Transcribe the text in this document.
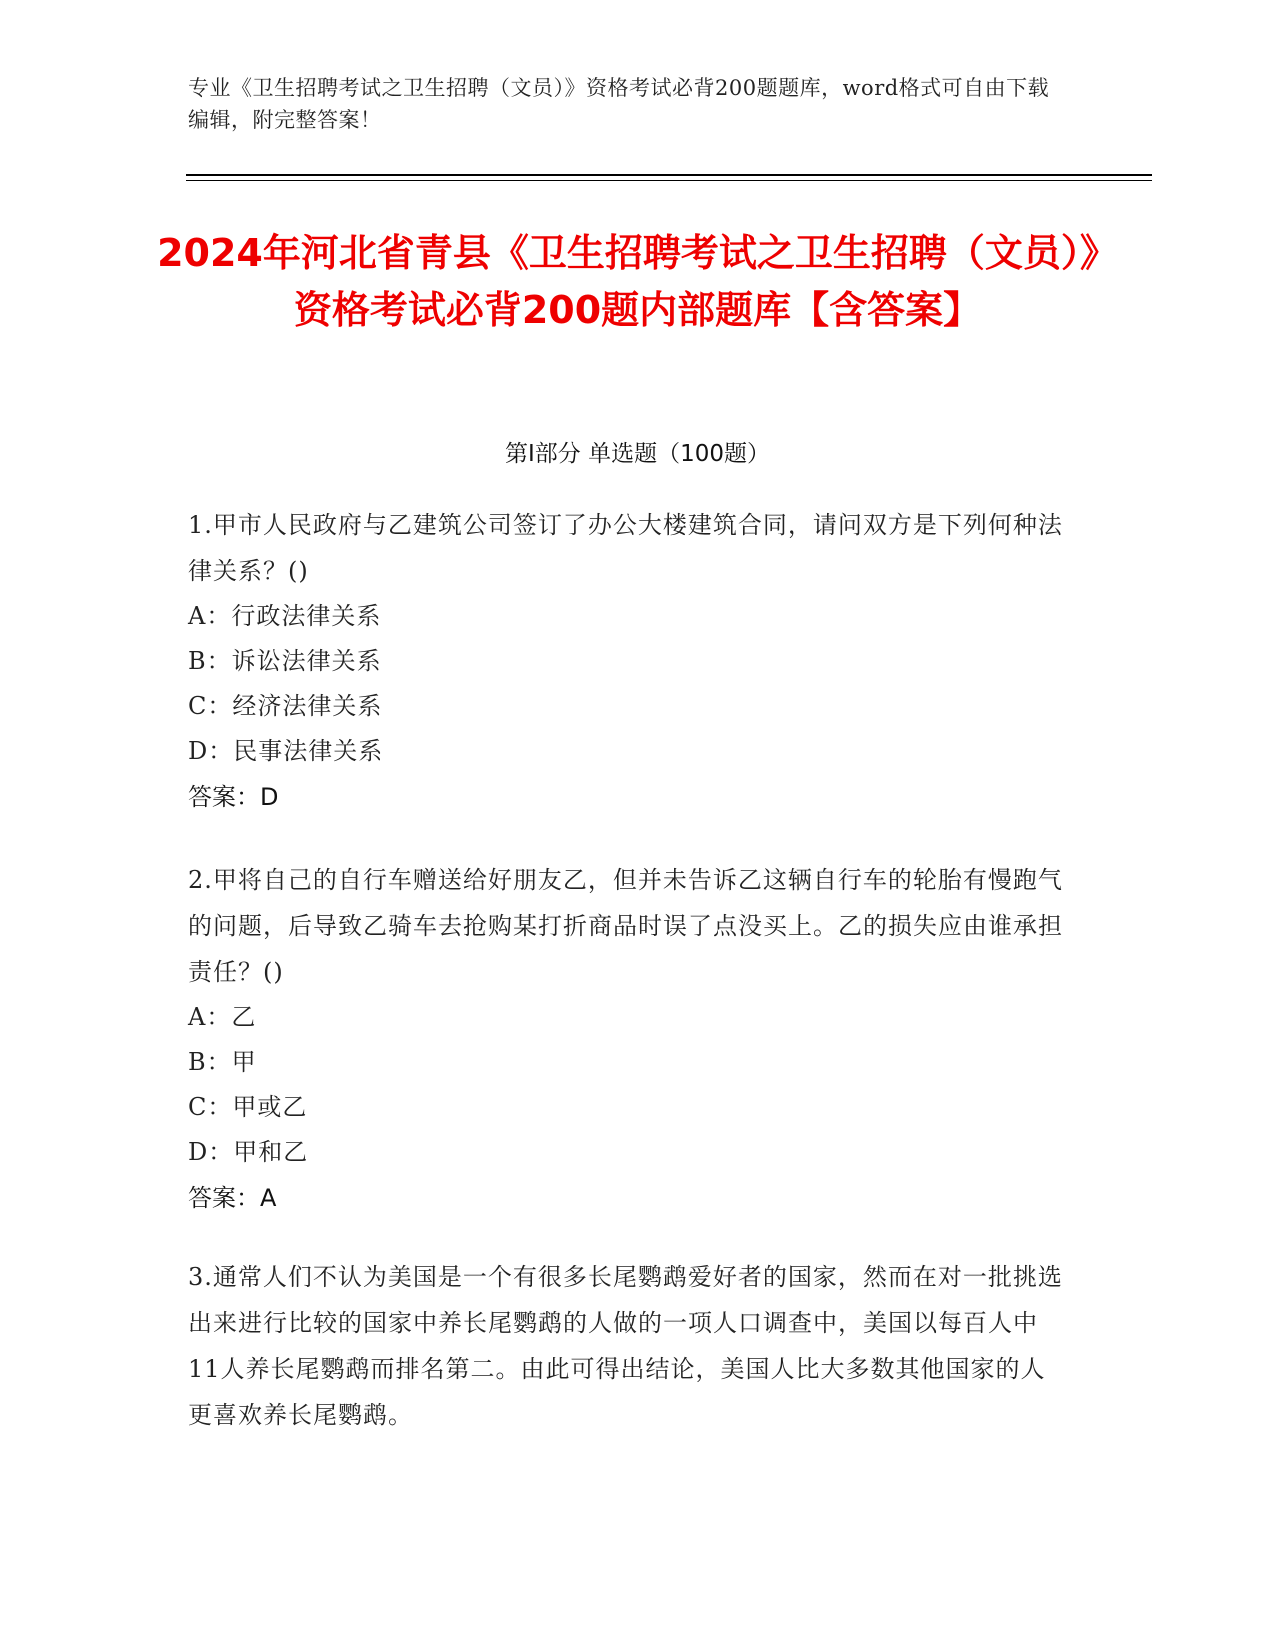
专业《卫生招聘考试之卫生招聘（文员）》资格考试必背200题题库，word格式可自由下载编辑，附完整答案！
2024年河北省青县《卫生招聘考试之卫生招聘（文员）》资格考试必背200题内部题库【含答案】
第Ⅰ部分 单选题（100题）
1.甲市人民政府与乙建筑公司签订了办公大楼建筑合同，请问双方是下列何种法律关系？()
A：行政法律关系
B：诉讼法律关系
C：经济法律关系
D：民事法律关系
答案：D
2.甲将自己的自行车赠送给好朋友乙，但并未告诉乙这辆自行车的轮胎有慢跑气的问题，后导致乙骑车去抢购某打折商品时误了点没买上。乙的损失应由谁承担责任？()
A：乙
B：甲
C：甲或乙
D：甲和乙
答案：A
3.通常人们不认为美国是一个有很多长尾鹦鹉爱好者的国家，然而在对一批挑选出来进行比较的国家中养长尾鹦鹉的人做的一项人口调查中，美国以每百人中11人养长尾鹦鹉而排名第二。由此可得出结论，美国人比大多数其他国家的人更喜欢养长尾鹦鹉。
